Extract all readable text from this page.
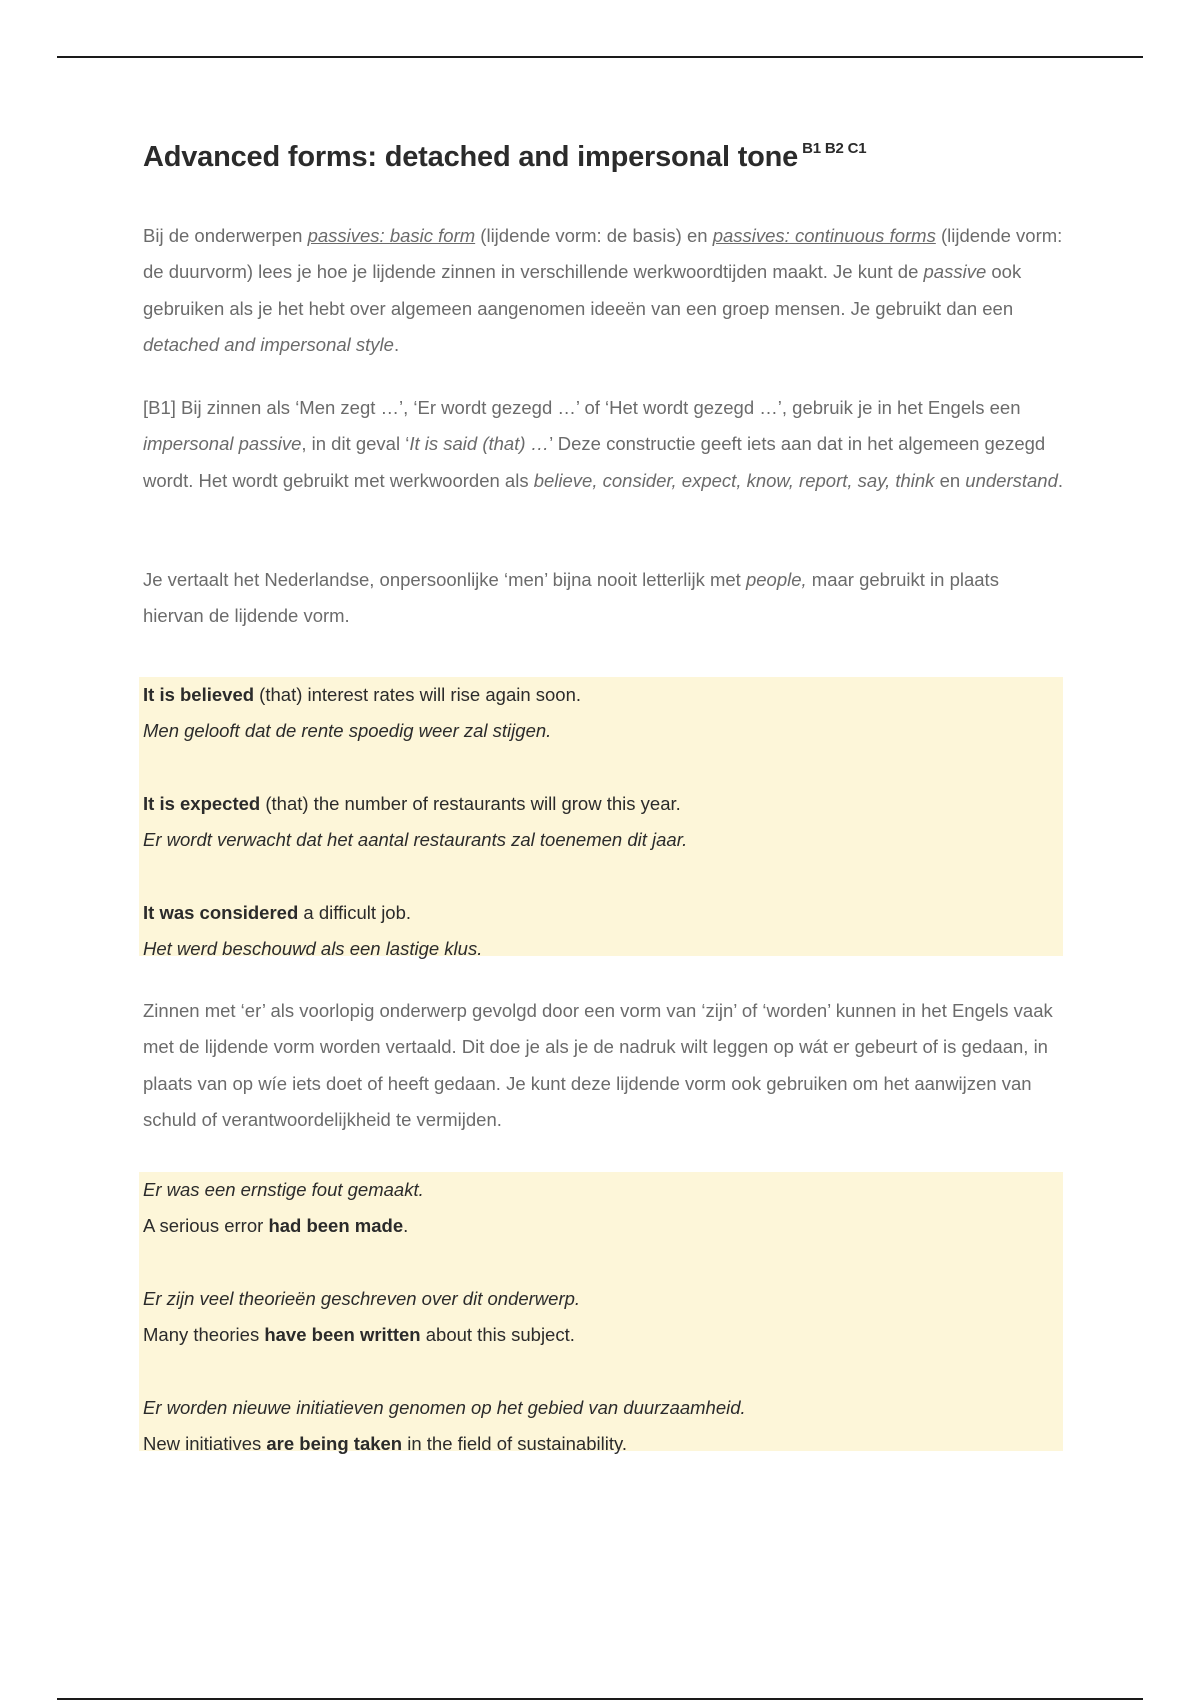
Advanced forms: detached and impersonal tone $^{B1 B2 C1}$

Bij de onderwerpen passives: basic form (lijdende vorm: de basis) en passives: continuous forms (lijdende vorm: de duurvorm) lees je hoe je lijdende zinnen in verschillende werkwoordtijden maakt. Je kunt de passive ook gebruiken als je het hebt over algemeen aangenomen ideeën van een groep mensen. Je gebruikt dan een detached and impersonal style.

[B1] Bij zinnen als ‘Men zegt …’, ‘Er wordt gezegd …’ of ‘Het wordt gezegd …’, gebruik je in het Engels een impersonal passive, in dit geval ‘It is said (that) …’ Deze constructie geeft iets aan dat in het algemeen gezegd wordt. Het wordt gebruikt met werkwoorden als believe, consider, expect, know, report, say, think en understand.

Je vertaalt het Nederlandse, onpersoonlijke ‘men’ bijna nooit letterlijk met people, maar gebruikt in plaats hiervan de lijdende vorm.

It is believed (that) interest rates will rise again soon.
Men gelooft dat de rente spoedig weer zal stijgen.
It is expected (that) the number of restaurants will grow this year.
Er wordt verwacht dat het aantal restaurants zal toenemen dit jaar.
It was considered a difficult job.
Het werd beschouwd als een lastige klus.

Zinnen met ‘er’ als voorlopig onderwerp gevolgd door een vorm van ‘zijn’ of ‘worden’ kunnen in het Engels vaak met de lijdende vorm worden vertaald. Dit doe je als je de nadruk wilt leggen op wát er gebeurt of is gedaan, in plaats van op wíe iets doet of heeft gedaan. Je kunt deze lijdende vorm ook gebruiken om het aanwijzen van schuld of verantwoordelijkheid te vermijden.

Er was een ernstige fout gemaakt.
A serious error had been made.
Er zijn veel theorieën geschreven over dit onderwerp.
Many theories have been written about this subject.
Er worden nieuwe initiatieven genomen op het gebied van duurzaamheid.
New initiatives are being taken in the field of sustainability.
